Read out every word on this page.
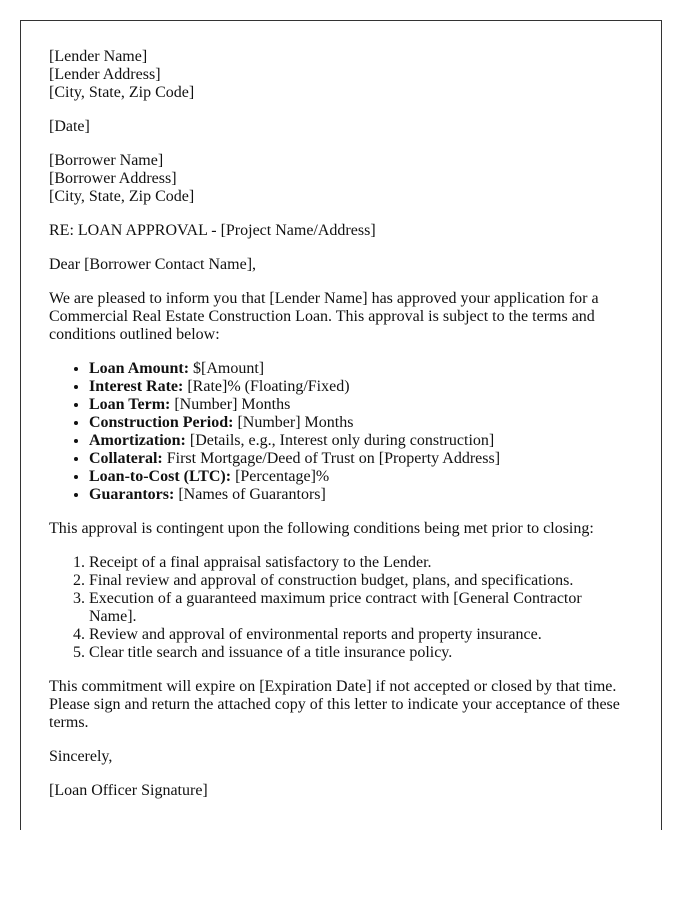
[Lender Name]
[Lender Address]
[City, State, Zip Code]

[Date]

[Borrower Name]
[Borrower Address]
[City, State, Zip Code]

RE: LOAN APPROVAL - [Project Name/Address]

Dear [Borrower Contact Name],

We are pleased to inform you that [Lender Name] has approved your application for a Commercial Real Estate Construction Loan. This approval is subject to the terms and conditions outlined below:

• Loan Amount: $[Amount]
• Interest Rate: [Rate]% (Floating/Fixed)
• Loan Term: [Number] Months
• Construction Period: [Number] Months
• Amortization: [Details, e.g., Interest only during construction]
• Collateral: First Mortgage/Deed of Trust on [Property Address]
• Loan-to-Cost (LTC): [Percentage]%
• Guarantors: [Names of Guarantors]

This approval is contingent upon the following conditions being met prior to closing:

1. Receipt of a final appraisal satisfactory to the Lender.
2. Final review and approval of construction budget, plans, and specifications.
3. Execution of a guaranteed maximum price contract with [General Contractor Name].
4. Review and approval of environmental reports and property insurance.
5. Clear title search and issuance of a title insurance policy.

This commitment will expire on [Expiration Date] if not accepted or closed by that time. Please sign and return the attached copy of this letter to indicate your acceptance of these terms.

Sincerely,

[Loan Officer Signature]
